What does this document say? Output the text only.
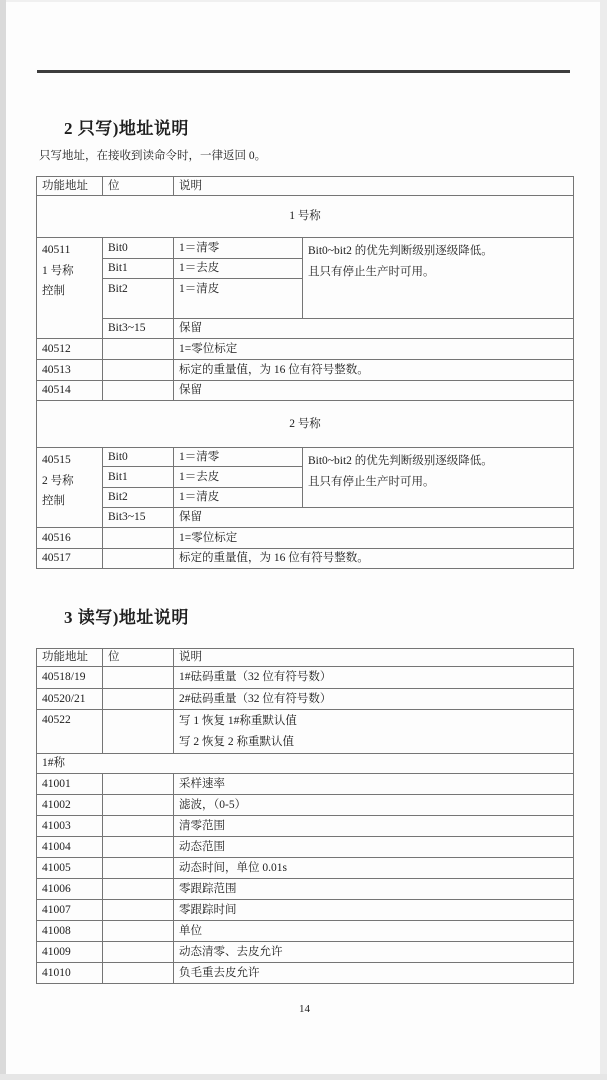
2 只写)地址说明
只写地址，在接收到读命令时，一律返回 0。
功能地址	位	说明	
1 号称			

40511
1 号称
控制
	Bit0	1＝清零	Bit0~bit2 的优先判断级别逐级降低。
且只有停止生产时可用。

	Bit1	1＝去皮	
	Bit2	1＝清皮	
	Bit3~15	保留	
40512		1=零位标定	
40513		标定的重量值，为 16 位有符号整数。	
40514		保留	
2 号称			

40515
2 号称
控制
	Bit0	1＝清零	Bit0~bit2 的优先判断级别逐级降低。
且只有停止生产时可用。

	Bit1	1＝去皮	
	Bit2	1＝清皮	
	Bit3~15	保留	
40516		1=零位标定	
40517		标定的重量值，为 16 位有符号整数。	
3 读写)地址说明
功能地址	位	说明
40518/19		1#砝码重量（32 位有符号数）
40520/21		2#砝码重量（32 位有符号数）
40522		写 1 恢复 1#称重默认值
写 2 恢复 2 称重默认值

1#称		
41001		采样速率
41002		滤波，（0-5）
41003		清零范围
41004		动态范围
41005		动态时间，单位 0.01s
41006		零跟踪范围
41007		零跟踪时间
41008		单位
41009		动态清零、去皮允许
41010		负毛重去皮允许
14
